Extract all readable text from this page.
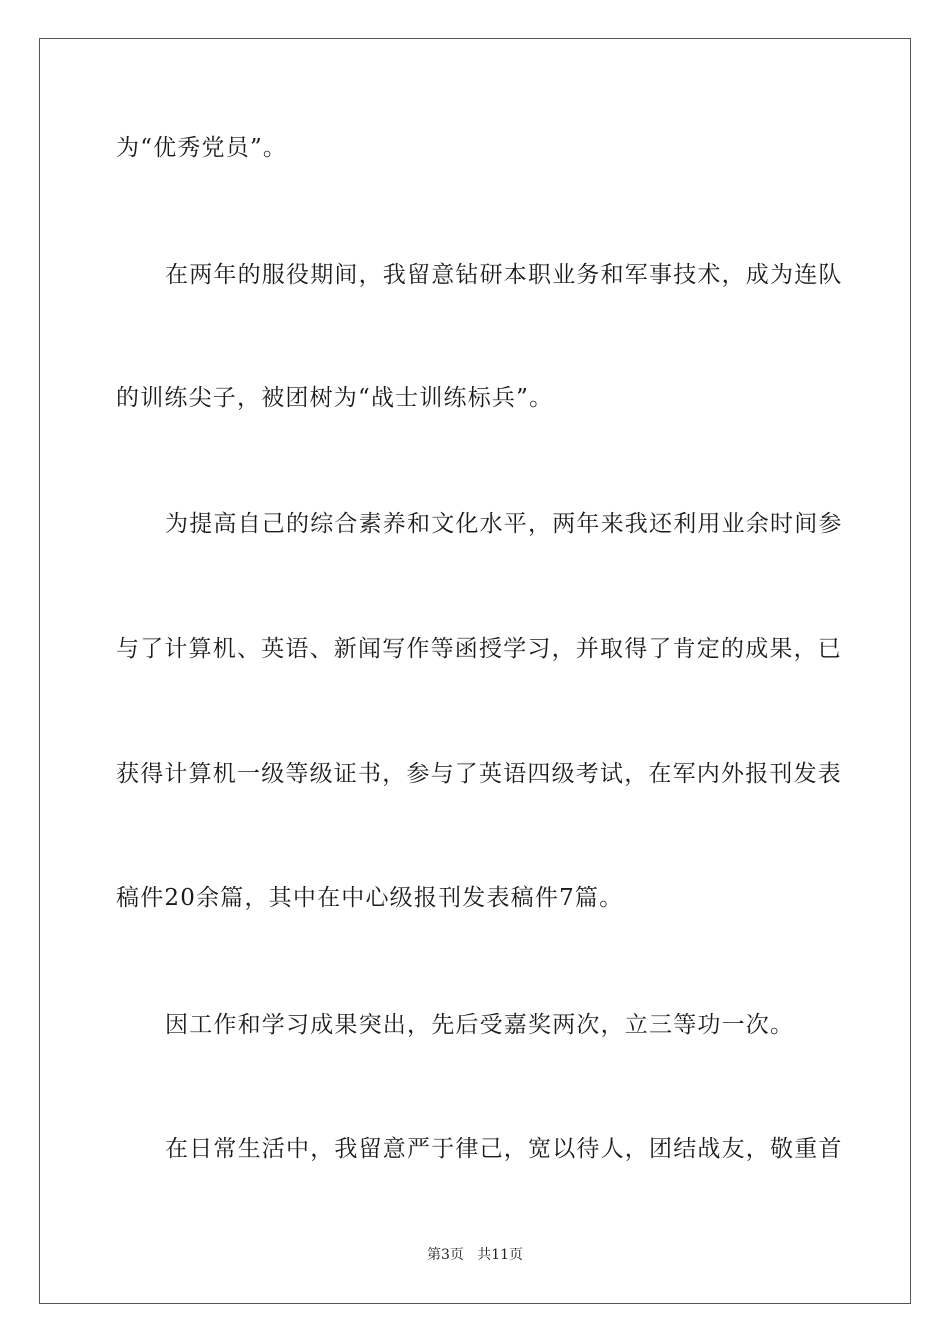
为“优秀党员”。
在两年的服役期间，我留意钻研本职业务和军事技术，成为连队
的训练尖子，被团树为“战士训练标兵”。
为提高自己的综合素养和文化水平，两年来我还利用业余时间参
与了计算机、英语、新闻写作等函授学习，并取得了肯定的成果，已
获得计算机一级等级证书，参与了英语四级考试，在军内外报刊发表
稿件20余篇，其中在中心级报刊发表稿件7篇。
因工作和学习成果突出，先后受嘉奖两次，立三等功一次。
在日常生活中，我留意严于律己，宽以待人，团结战友，敬重首
第3页   共11页
